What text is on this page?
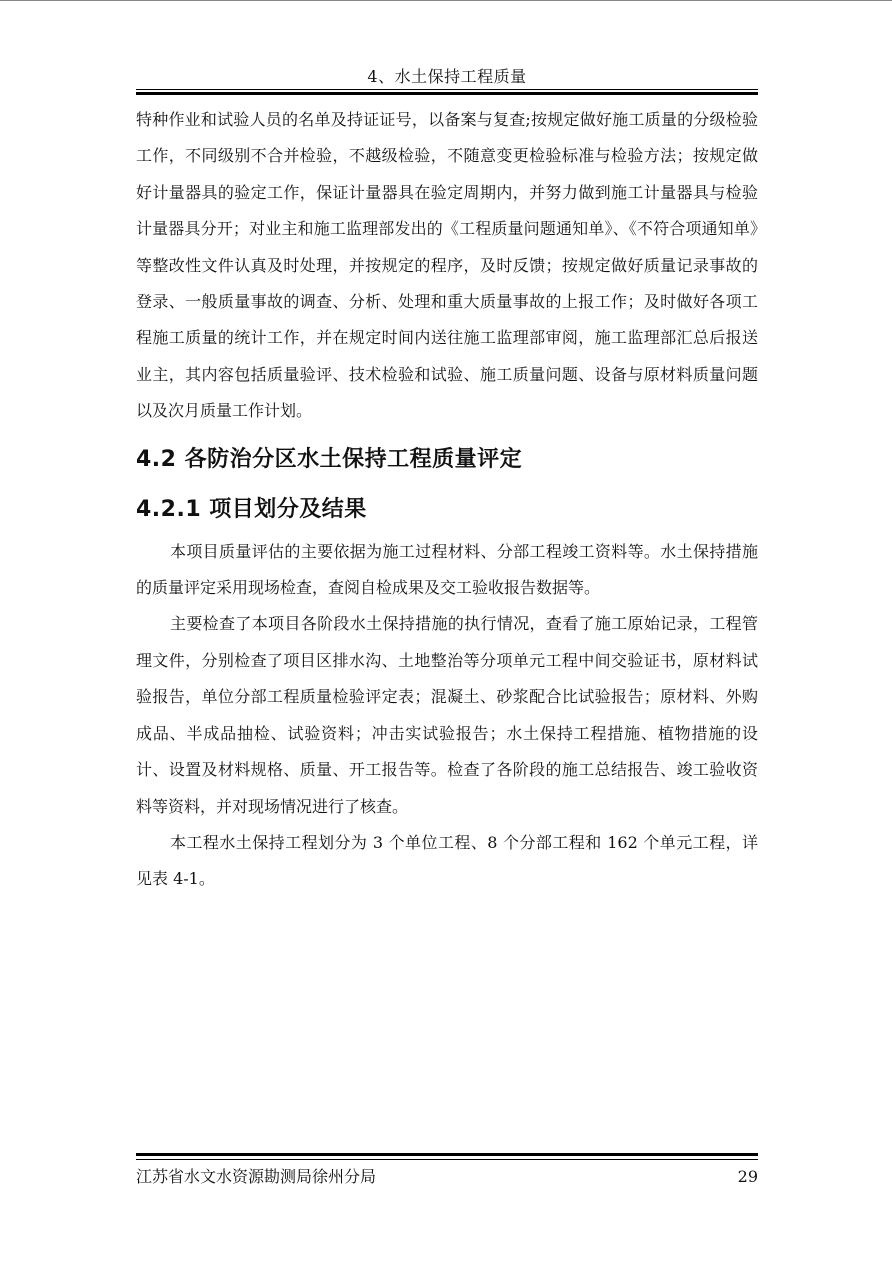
4、水土保持工程质量

特种作业和试验人员的名单及持证证号，以备案与复查;按规定做好施工质量的分级检验工作，不同级别不合并检验，不越级检验，不随意变更检验标准与检验方法；按规定做好计量器具的验定工作，保证计量器具在验定周期内，并努力做到施工计量器具与检验计量器具分开；对业主和施工监理部发出的《工程质量问题通知单》、《不符合项通知单》等整改性文件认真及时处理，并按规定的程序，及时反馈；按规定做好质量记录事故的登录、一般质量事故的调查、分析、处理和重大质量事故的上报工作；及时做好各项工程施工质量的统计工作，并在规定时间内送往施工监理部审阅，施工监理部汇总后报送业主，其内容包括质量验评、技术检验和试验、施工质量问题、设备与原材料质量问题以及次月质量工作计划。

4.2 各防治分区水土保持工程质量评定
4.2.1 项目划分及结果

本项目质量评估的主要依据为施工过程材料、分部工程竣工资料等。水土保持措施的质量评定采用现场检查，查阅自检成果及交工验收报告数据等。

主要检查了本项目各阶段水土保持措施的执行情况，查看了施工原始记录，工程管理文件，分别检查了项目区排水沟、土地整治等分项单元工程中间交验证书，原材料试验报告，单位分部工程质量检验评定表；混凝土、砂浆配合比试验报告；原材料、外购成品、半成品抽检、试验资料；冲击实试验报告；水土保持工程措施、植物措施的设计、设置及材料规格、质量、开工报告等。检查了各阶段的施工总结报告、竣工验收资料等资料，并对现场情况进行了核查。

本工程水土保持工程划分为 3 个单位工程、8 个分部工程和 162 个单元工程，详见表 4-1。

江苏省水文水资源勘测局徐州分局	29
